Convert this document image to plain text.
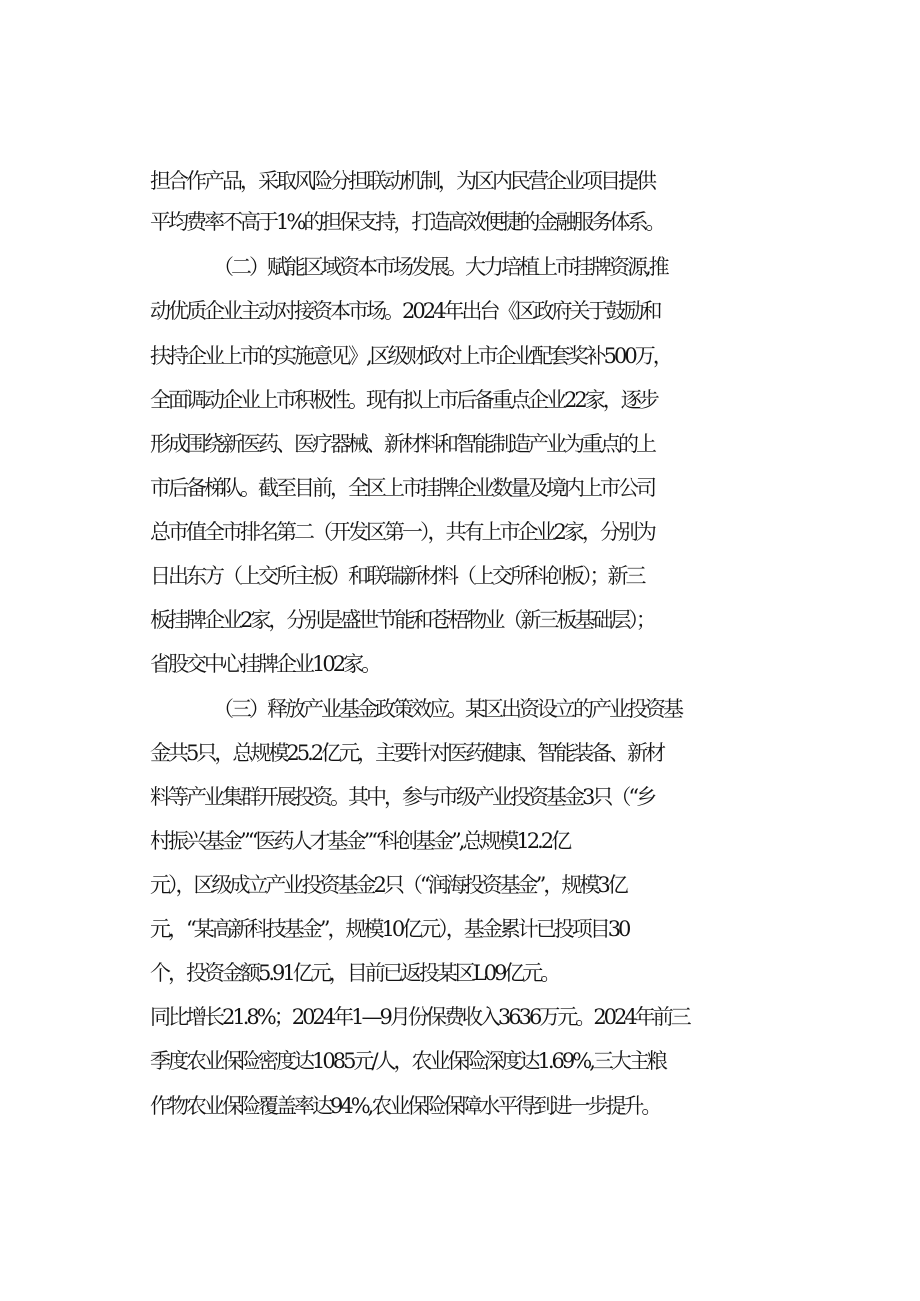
担合作产品，采取风险分担联动机制，为区内民营企业项目提供
平均费率不高于1%的担保支持，打造高效便捷的金融服务体系。
（二）赋能区域资本市场发展。大力培植上市挂牌资源,推
动优质企业主动对接资本市场。2024年出台《区政府关于鼓励和
扶持企业上市的实施意见》,区级财政对上市企业配套奖补500万，
全面调动企业上市积极性。现有拟上市后备重点企业22家，逐步
形成围绕新医药、医疗器械、新材料和智能制造产业为重点的上
市后备梯队。截至目前，全区上市挂牌企业数量及境内上市公司
总市值全市排名第二（开发区第一），共有上市企业2家，分别为
日出东方（上交所主板）和联瑞新材料（上交所科创板）；新三
板挂牌企业2家，分别是盛世节能和苍梧物业（新三板基础层）；
省股交中心挂牌企业102家。
（三）释放产业基金政策效应。某区出资设立的产业投资基
金共5只，总规模25.2亿元，主要针对医药健康、智能装备、新材
料等产业集群开展投资。其中，参与市级产业投资基金3只（“乡
村振兴基金”“医药人才基金”“科创基金”,总规模12.2亿
元），区级成立产业投资基金2只（“润海投资基金”，规模3亿
元，“某高新科技基金”，规模10亿元），基金累计已投项目30
个，投资金额5.91亿元，目前已返投某区L09亿元。
同比增长21.8%；2024年1—9月份保费收入3636万元。2024年前三
季度农业保险密度达1085元/人，农业保险深度达1.69%,三大主粮
作物农业保险覆盖率达94%,农业保险保障水平得到进一步提升。
